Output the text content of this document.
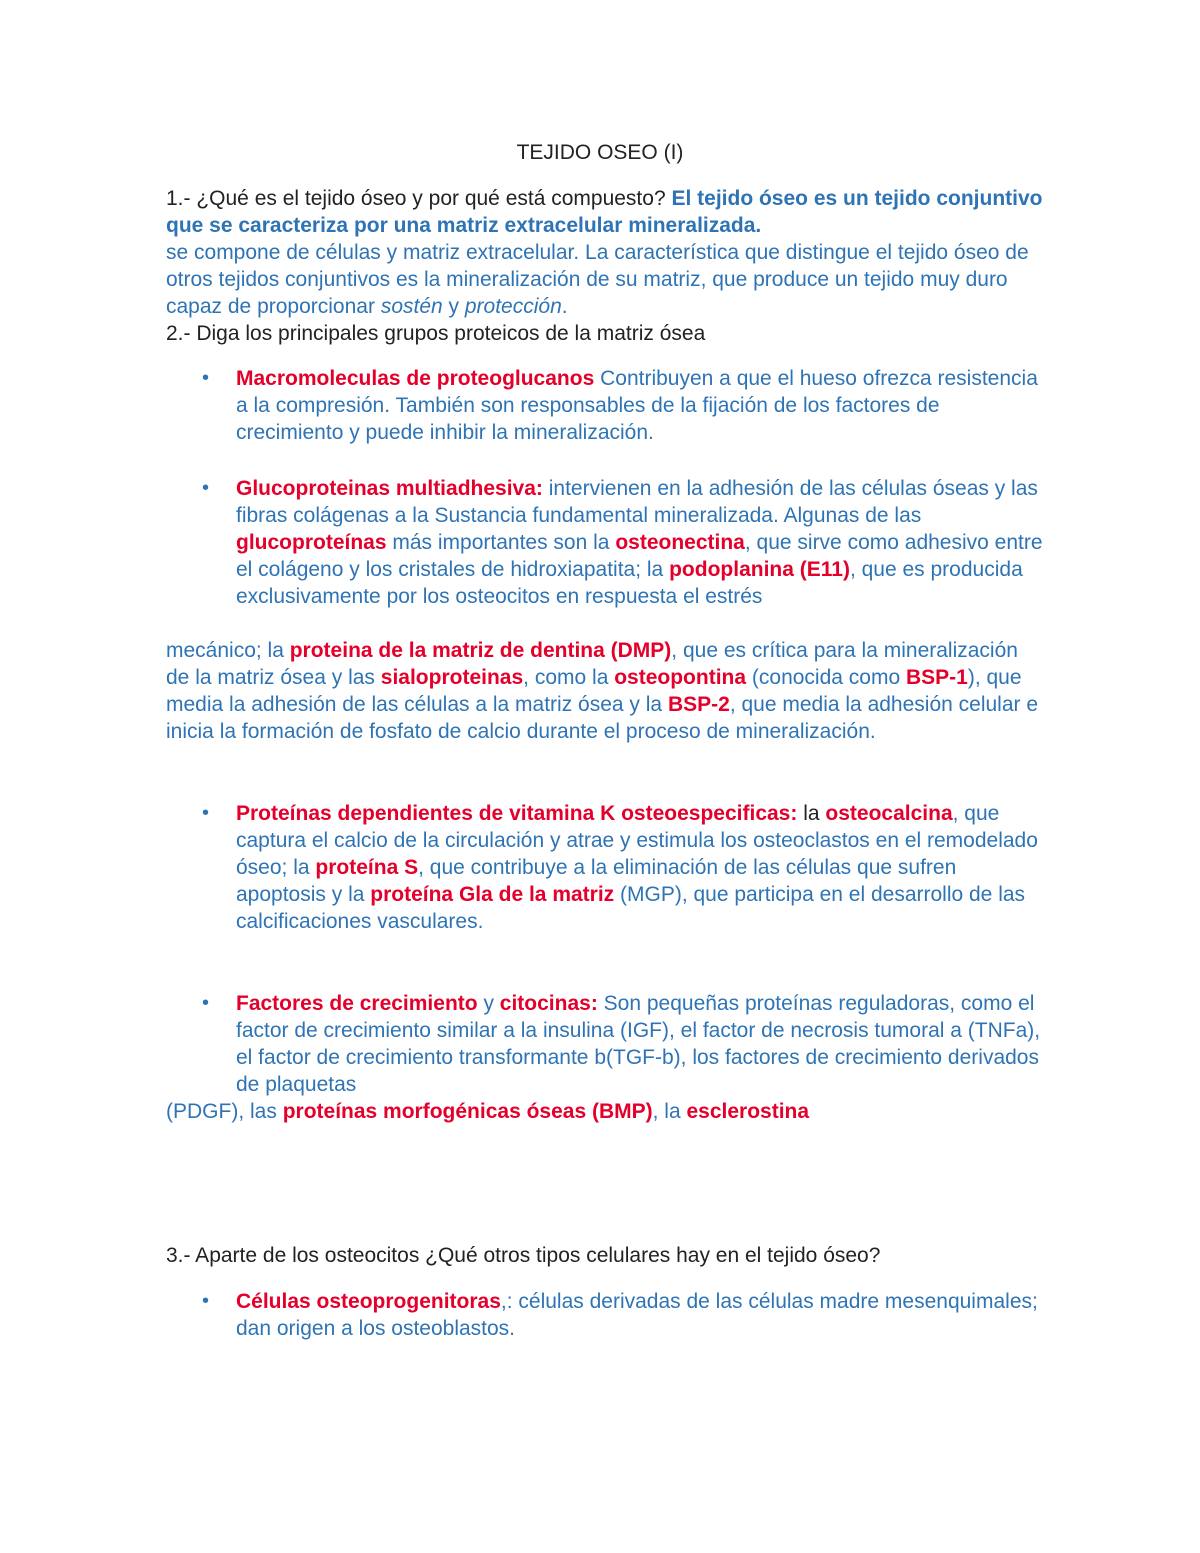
TEJIDO OSEO (I)

1.- ¿Qué es el tejido óseo y por qué está compuesto? El tejido óseo es un tejido conjuntivo que se caracteriza por una matriz extracelular mineralizada.

se compone de células y matriz extracelular. La característica que distingue el tejido óseo de otros tejidos conjuntivos es la mineralización de su matriz, que produce un tejido muy duro capaz de proporcionar sostén y protección.

2.- Diga los principales grupos proteicos de la matriz ósea

• Macromoleculas de proteoglucanos Contribuyen a que el hueso ofrezca resistencia a la compresión. También son responsables de la fijación de los factores de crecimiento y puede inhibir la mineralización.

• Glucoproteinas multiadhesiva: intervienen en la adhesión de las células óseas y las fibras colágenas a la Sustancia fundamental mineralizada. Algunas de las glucoproteínas más importantes son la osteonectina, que sirve como adhesivo entre el colágeno y los cristales de hidroxiapatita; la podoplanina (E11), que es producida exclusivamente por los osteocitos en respuesta el estrés

mecánico; la proteina de la matriz de dentina (DMP), que es crítica para la mineralización de la matriz ósea y las sialoproteinas, como la osteopontina (conocida como BSP-1), que media la adhesión de las células a la matriz ósea y la BSP-2, que media la adhesión celular e inicia la formación de fosfato de calcio durante el proceso de mineralización.

• Proteínas dependientes de vitamina K osteoespecificas: la osteocalcina, que captura el calcio de la circulación y atrae y estimula los osteoclastos en el remodelado óseo; la proteína S, que contribuye a la eliminación de las células que sufren apoptosis y la proteína Gla de la matriz (MGP), que participa en el desarrollo de las calcificaciones vasculares.

• Factores de crecimiento y citocinas: Son pequeñas proteínas reguladoras, como el factor de crecimiento similar a la insulina (IGF), el factor de necrosis tumoral a (TNFa), el factor de crecimiento transformante b(TGF-b), los factores de crecimiento derivados de plaquetas

(PDGF), las proteínas morfogénicas óseas (BMP), la esclerostina

3.- Aparte de los osteocitos ¿Qué otros tipos celulares hay en el tejido óseo?

• Células osteoprogenitoras,: células derivadas de las células madre mesenquimales; dan origen a los osteoblastos.
